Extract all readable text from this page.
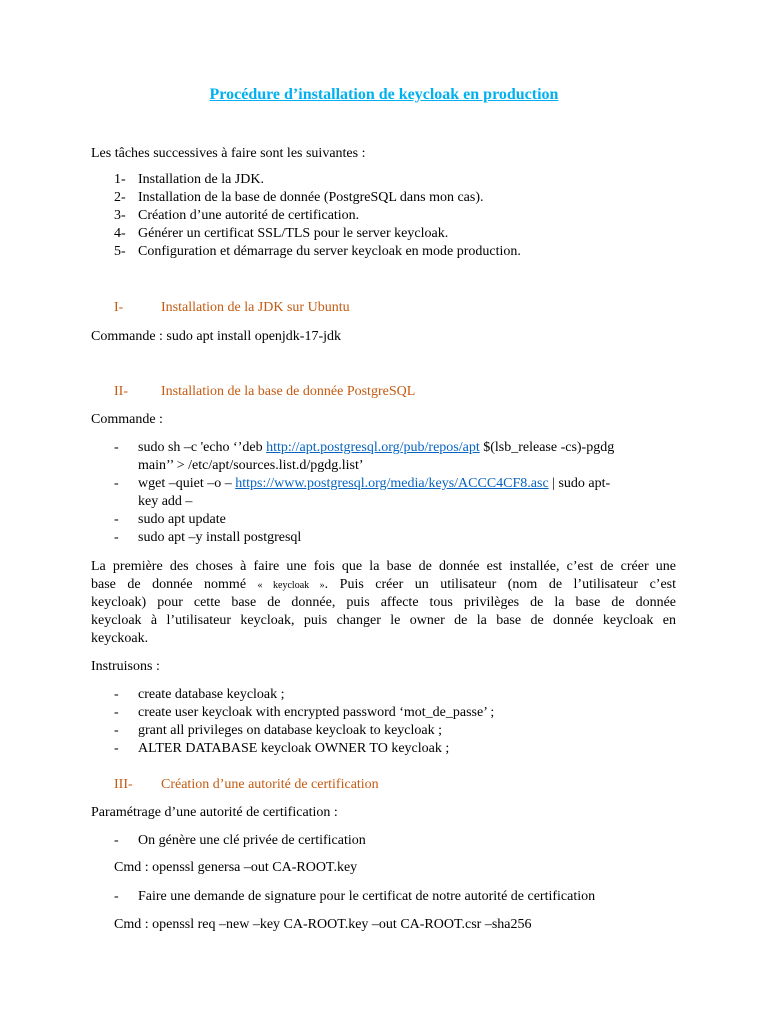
Procédure d’installation de keycloak en production
Les tâches successives à faire sont les suivantes :
1- Installation de la JDK.
2- Installation de la base de donnée (PostgreSQL dans mon cas).
3- Création d’une autorité de certification.
4- Générer un certificat SSL/TLS pour le server keycloak.
5- Configuration et démarrage du server keycloak en mode production.
I-	Installation de la JDK sur Ubuntu
Commande : sudo apt install openjdk-17-jdk
II- Installation de la base de donnée PostgreSQL
Commande :
- sudo sh –c 'echo ‘’deb http://apt.postgresql.org/pub/repos/apt $(lsb_release -cs)-pgdg
main’’ > /etc/apt/sources.list.d/pgdg.list’
- wget –quiet –o – https://www.postgresql.org/media/keys/ACCC4CF8.asc | sudo apt-
key add –
- sudo apt update
- sudo apt –y install postgresql
La première des choses à faire une fois que la base de donnée est installée, c’est de créer une
base de donnée nommé « keycloak ». Puis créer un utilisateur (nom de l’utilisateur c’est
keycloak) pour cette base de donnée, puis affecte tous privilèges de la base de donnée
keycloak à l’utilisateur keycloak, puis changer le owner de la base de donnée keycloak en
keyckoak.
Instruisons :
- create database keycloak ;
- create user keycloak with encrypted password ‘mot_de_passe’ ;
- grant all privileges on database keycloak to keycloak ;
- ALTER DATABASE keycloak OWNER TO keycloak ;
III- Création d’une autorité de certification
Paramétrage d’une autorité de certification :
- On génère une clé privée de certification
Cmd : openssl genersa –out CA-ROOT.key
- Faire une demande de signature pour le certificat de notre autorité de certification
Cmd : openssl req –new –key CA-ROOT.key –out CA-ROOT.csr –sha256
